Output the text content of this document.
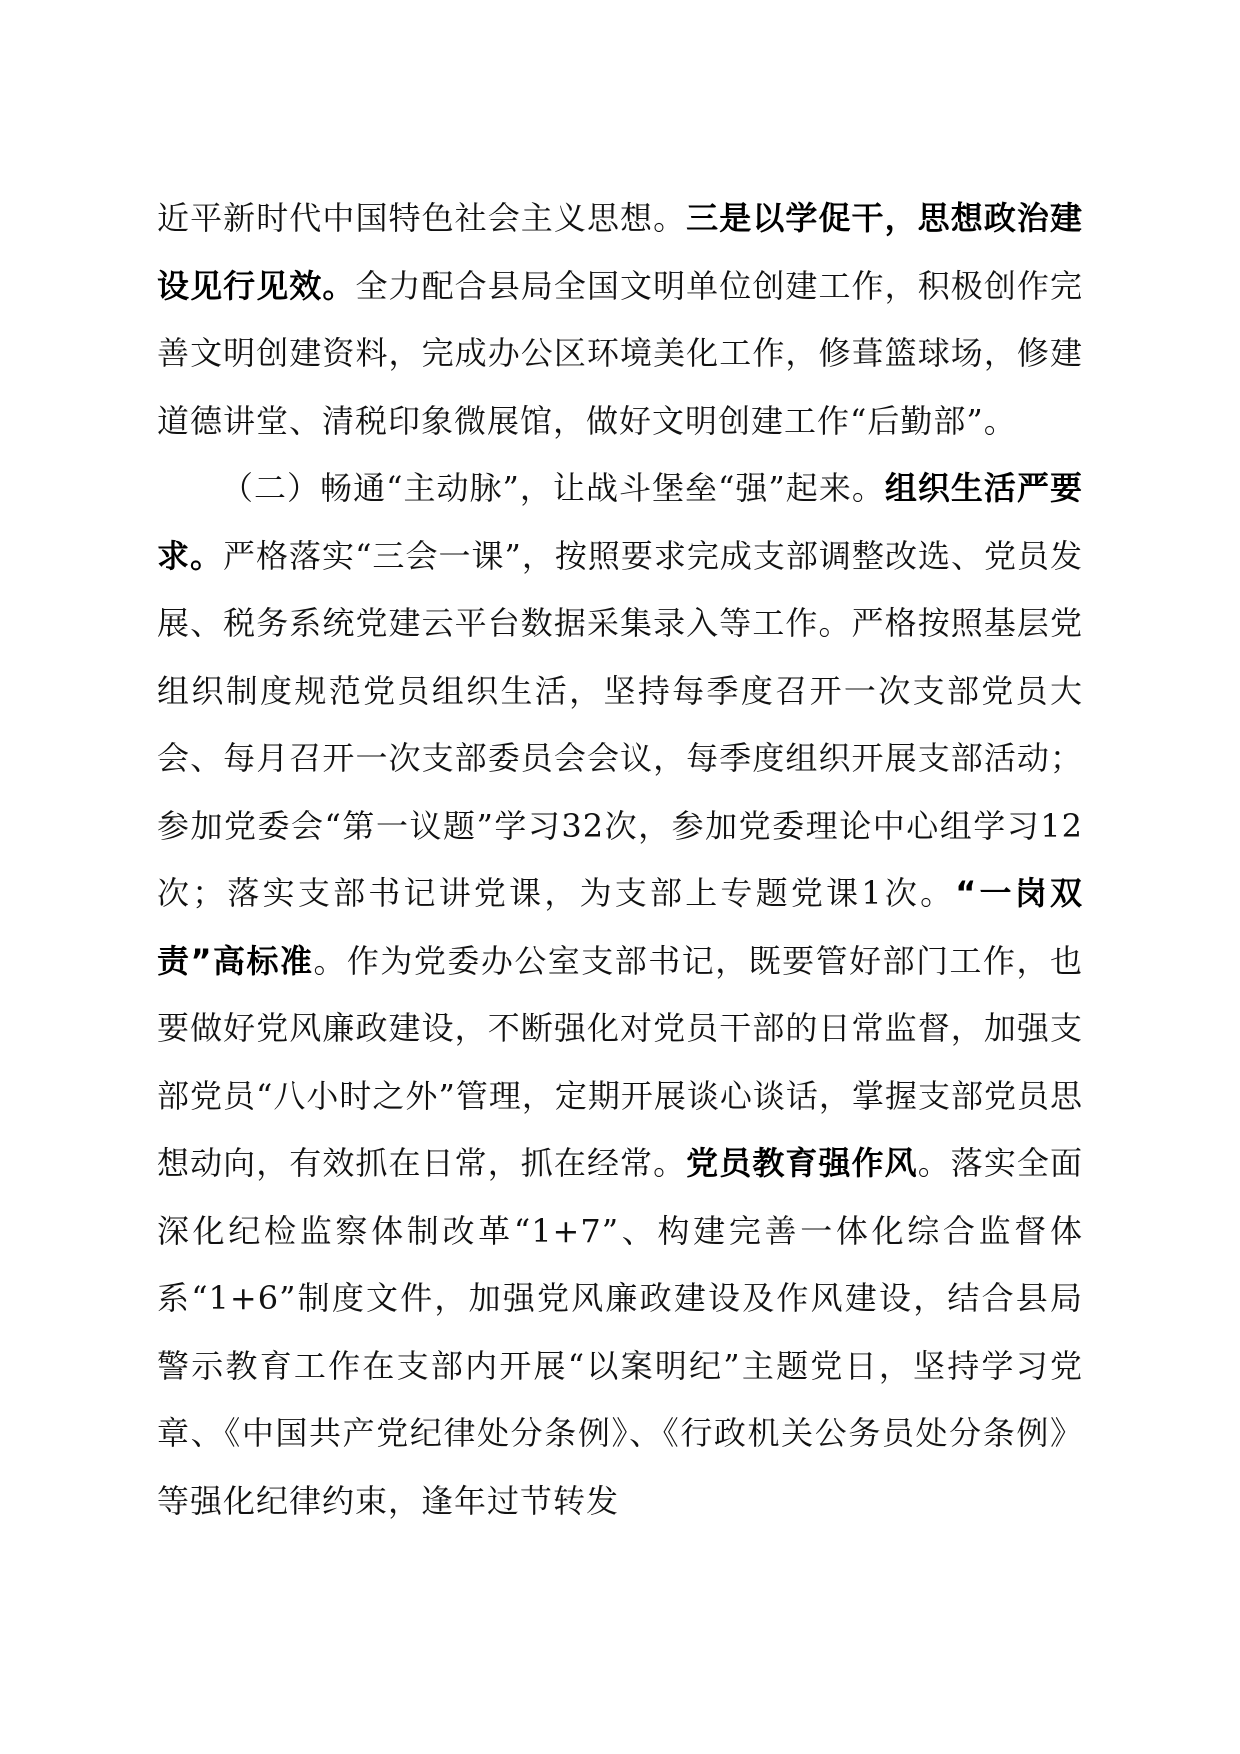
近平新时代中国特色社会主义思想。三是以学促干，思想政治建设见行见效。全力配合县局全国文明单位创建工作，积极创作完善文明创建资料，完成办公区环境美化工作，修葺篮球场，修建道德讲堂、清税印象微展馆，做好文明创建工作“后勤部”。

（二）畅通“主动脉”，让战斗堡垒“强”起来。组织生活严要求。严格落实“三会一课”，按照要求完成支部调整改选、党员发展、税务系统党建云平台数据采集录入等工作。严格按照基层党组织制度规范党员组织生活，坚持每季度召开一次支部党员大会、每月召开一次支部委员会会议，每季度组织开展支部活动；参加党委会“第一议题”学习32次，参加党委理论中心组学习12次；落实支部书记讲党课，为支部上专题党课1次。“一岗双责”高标准。作为党委办公室支部书记，既要管好部门工作，也要做好党风廉政建设，不断强化对党员干部的日常监督，加强支部党员“八小时之外”管理，定期开展谈心谈话，掌握支部党员思想动向，有效抓在日常，抓在经常。党员教育强作风。落实全面深化纪检监察体制改革“1+7”、构建完善一体化综合监督体系“1+6”制度文件，加强党风廉政建设及作风建设，结合县局警示教育工作在支部内开展“以案明纪”主题党日，坚持学习党章、《中国共产党纪律处分条例》、《行政机关公务员处分条例》等强化纪律约束，逢年过节转发
